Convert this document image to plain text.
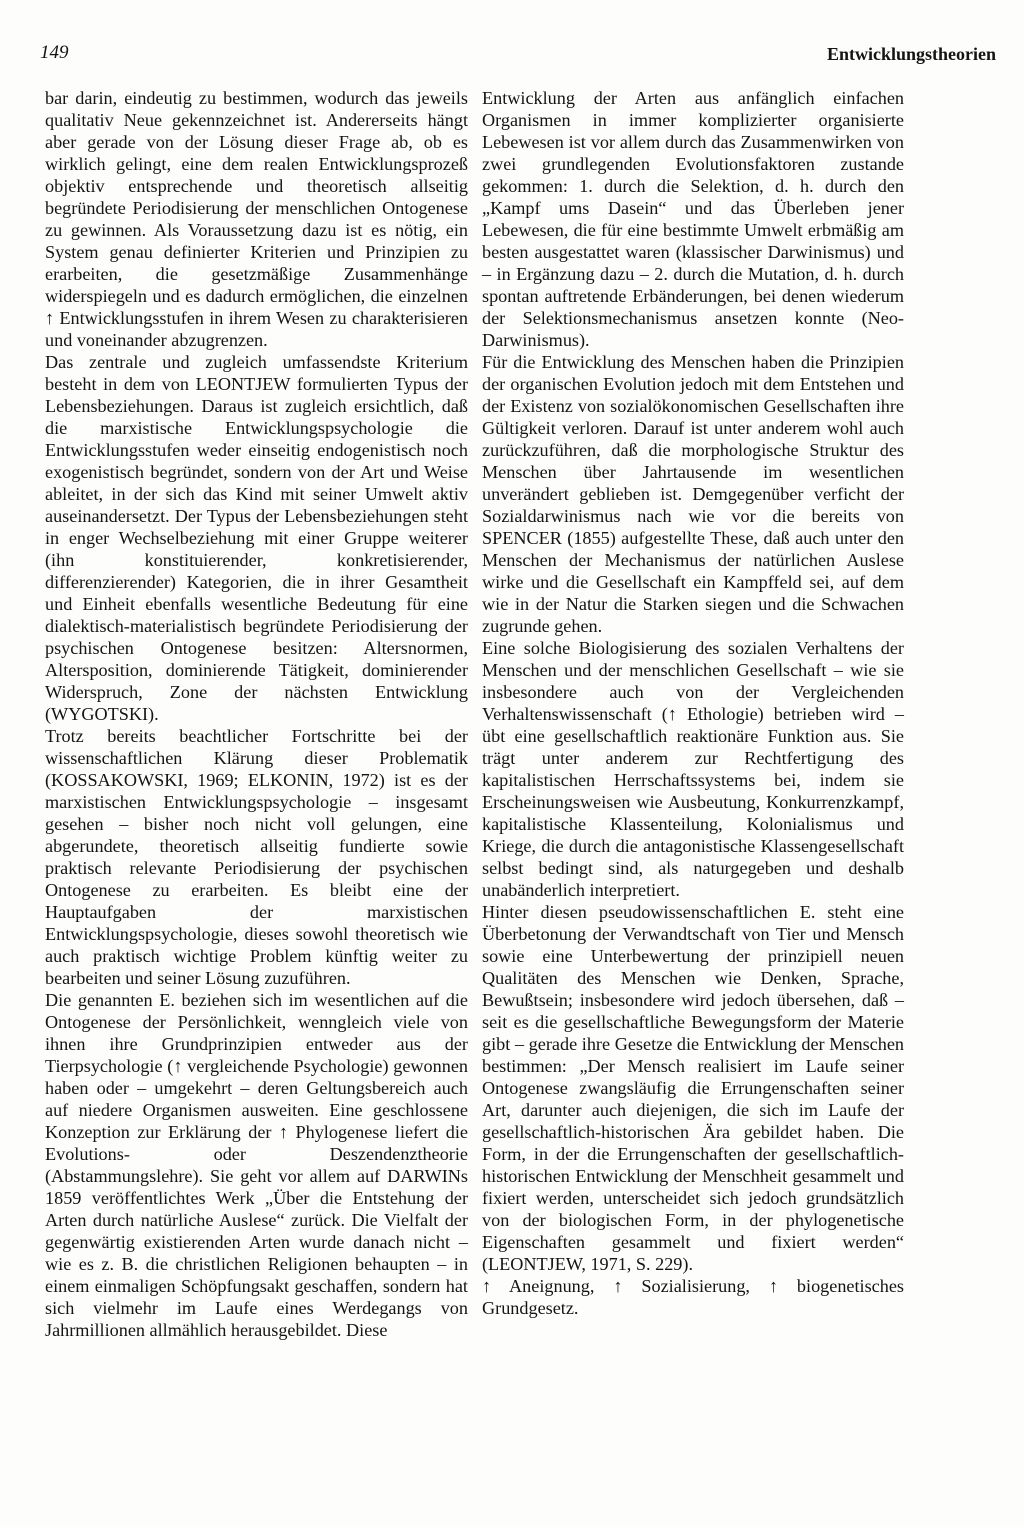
149	Entwicklungstheorien

bar darin, eindeutig zu bestimmen, wodurch das jeweils qualitativ Neue gekennzeichnet ist. Andererseits hängt aber gerade von der Lösung dieser Frage ab, ob es wirklich gelingt, eine dem realen Entwicklungsprozeß objektiv entsprechende und theoretisch allseitig begründete Periodisierung der menschlichen Ontogenese zu gewinnen. Als Voraussetzung dazu ist es nötig, ein System genau definierter Kriterien und Prinzipien zu erarbeiten, die gesetzmäßige Zusammenhänge widerspiegeln und es dadurch ermöglichen, die einzelnen ↑ Entwicklungsstufen in ihrem Wesen zu charakterisieren und voneinander abzugrenzen.

Das zentrale und zugleich umfassendste Kriterium besteht in dem von LEONTJEW formulierten Typus der Lebensbeziehungen. Daraus ist zugleich ersichtlich, daß die marxistische Entwicklungspsychologie die Entwicklungsstufen weder einseitig endogenistisch noch exogenistisch begründet, sondern von der Art und Weise ableitet, in der sich das Kind mit seiner Umwelt aktiv auseinandersetzt. Der Typus der Lebensbeziehungen steht in enger Wechselbeziehung mit einer Gruppe weiterer (ihn konstituierender, konkretisierender, differenzierender) Kategorien, die in ihrer Gesamtheit und Einheit ebenfalls wesentliche Bedeutung für eine dialektisch-materialistisch begründete Periodisierung der psychischen Ontogenese besitzen: Altersnormen, Altersposition, dominierende Tätigkeit, dominierender Widerspruch, Zone der nächsten Entwicklung (WYGOTSKI).

Trotz bereits beachtlicher Fortschritte bei der wissenschaftlichen Klärung dieser Problematik (KOSSAKOWSKI, 1969; ELKONIN, 1972) ist es der marxistischen Entwicklungspsychologie – insgesamt gesehen – bisher noch nicht voll gelungen, eine abgerundete, theoretisch allseitig fundierte sowie praktisch relevante Periodisierung der psychischen Ontogenese zu erarbeiten. Es bleibt eine der Hauptaufgaben der marxistischen Entwicklungspsychologie, dieses sowohl theoretisch wie auch praktisch wichtige Problem künftig weiter zu bearbeiten und seiner Lösung zuzuführen.

Die genannten E. beziehen sich im wesentlichen auf die Ontogenese der Persönlichkeit, wenngleich viele von ihnen ihre Grundprinzipien entweder aus der Tierpsychologie (↑ vergleichende Psychologie) gewonnen haben oder – umgekehrt – deren Geltungsbereich auch auf niedere Organismen ausweiten. Eine geschlossene Konzeption zur Erklärung der ↑ Phylogenese liefert die Evolutions- oder Deszendenztheorie (Abstammungslehre). Sie geht vor allem auf DARWINs 1859 veröffentlichtes Werk „Über die Entstehung der Arten durch natürliche Auslese“ zurück. Die Vielfalt der gegenwärtig existierenden Arten wurde danach nicht – wie es z. B. die christlichen Religionen behaupten – in einem einmaligen Schöpfungsakt geschaffen, sondern hat sich vielmehr im Laufe eines Werdegangs von Jahrmillionen allmählich herausgebildet. Diese

Entwicklung der Arten aus anfänglich einfachen Organismen in immer komplizierter organisierte Lebewesen ist vor allem durch das Zusammenwirken von zwei grundlegenden Evolutionsfaktoren zustande gekommen: 1. durch die Selektion, d. h. durch den „Kampf ums Dasein“ und das Überleben jener Lebewesen, die für eine bestimmte Umwelt erbmäßig am besten ausgestattet waren (klassischer Darwinismus) und – in Ergänzung dazu – 2. durch die Mutation, d. h. durch spontan auftretende Erbänderungen, bei denen wiederum der Selektionsmechanismus ansetzen konnte (Neo-Darwinismus).

Für die Entwicklung des Menschen haben die Prinzipien der organischen Evolution jedoch mit dem Entstehen und der Existenz von sozialökonomischen Gesellschaften ihre Gültigkeit verloren. Darauf ist unter anderem wohl auch zurückzuführen, daß die morphologische Struktur des Menschen über Jahrtausende im wesentlichen unverändert geblieben ist. Demgegenüber verficht der Sozialdarwinismus nach wie vor die bereits von SPENCER (1855) aufgestellte These, daß auch unter den Menschen der Mechanismus der natürlichen Auslese wirke und die Gesellschaft ein Kampffeld sei, auf dem wie in der Natur die Starken siegen und die Schwachen zugrunde gehen.

Eine solche Biologisierung des sozialen Verhaltens der Menschen und der menschlichen Gesellschaft – wie sie insbesondere auch von der Vergleichenden Verhaltenswissenschaft (↑ Ethologie) betrieben wird – übt eine gesellschaftlich reaktionäre Funktion aus. Sie trägt unter anderem zur Rechtfertigung des kapitalistischen Herrschaftssystems bei, indem sie Erscheinungsweisen wie Ausbeutung, Konkurrenzkampf, kapitalistische Klassenteilung, Kolonialismus und Kriege, die durch die antagonistische Klassengesellschaft selbst bedingt sind, als naturgegeben und deshalb unabänderlich interpretiert.

Hinter diesen pseudowissenschaftlichen E. steht eine Überbetonung der Verwandtschaft von Tier und Mensch sowie eine Unterbewertung der prinzipiell neuen Qualitäten des Menschen wie Denken, Sprache, Bewußtsein; insbesondere wird jedoch übersehen, daß – seit es die gesellschaftliche Bewegungsform der Materie gibt – gerade ihre Gesetze die Entwicklung der Menschen bestimmen: „Der Mensch realisiert im Laufe seiner Ontogenese zwangsläufig die Errungenschaften seiner Art, darunter auch diejenigen, die sich im Laufe der gesellschaftlich-historischen Ära gebildet haben. Die Form, in der die Errungenschaften der gesellschaftlich-historischen Entwicklung der Menschheit gesammelt und fixiert werden, unterscheidet sich jedoch grundsätzlich von der biologischen Form, in der phylogenetische Eigenschaften gesammelt und fixiert werden“ (LEONTJEW, 1971, S. 229).

↑ Aneignung, ↑ Sozialisierung, ↑ biogenetisches Grundgesetz.
